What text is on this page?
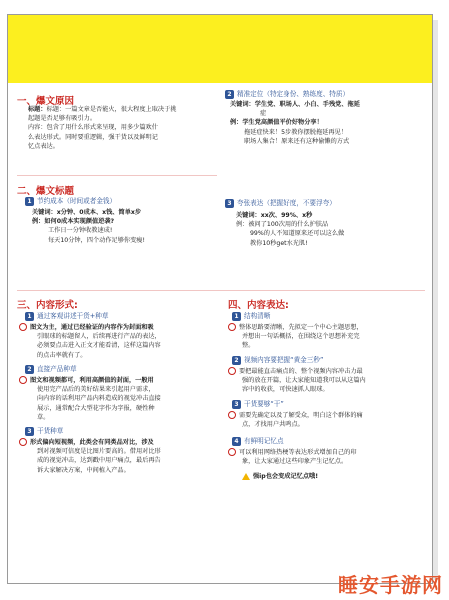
一、爆文原因
标题：标题：一篇文章是否能火，很大程度上取决于挑
起题是否足够有吸引力。
内容：包含了用什么形式来呈现，用多少篇欢什
么表达形式。同时要重逻辑，强干货以及鲜明记
忆点表达。
2 精准定位（特定身份、熟练度、特质）
关键词：学生党、职场人、小白、手残党、拖延
症
例：学生党高颜值平价好物分享！
拖延症快来！5步教你摆脱拖延再见！
职场人集合！原来还有这种偷懒的方式
二、爆文标题
1 节约成本（时间或者金钱）
关键词：x分钟、0成本、x钱、简单x步
例：如何0成本实现颜值逆袭?
工作日一分钟收教速成!
每天10分钟，四个动作足够你变瘦!
3 夸张表达（把握好度，不要浮夸）
关键词：xx次、99%、x秒
例：被问了100次用的什么护肤品
99%的人不知道原来还可以这么做
教你10秒get水光肌!
三、内容形式:
1 通过客观讲述干货+种草
图文为主，通过已经验证的内容作为封面和吸
引眼球的标题留人，后续再进行产品的表达，
必须要点击进入正文才能看清，这样这篇内容
的点击率就有了。
2 直接产品种草
图文和视频都可，利用高颜值的封面，一般用
使用完产品后的美好结果来引起用户需求，
向内容的话利用产品内料造成的视觉冲击直接
展示，通常配合大型花字作为字报，硬性种
草。
3 干货种草
形式偏向短视频，此类会有同类品对比，涉及
到对视频可信度是比图片要高的。借用对比形
成的视觉冲击，达到戳中用户痛点，最后再告
诉大家解决方案，中间植入产品。
四、内容表达:
1 结构清晰
整体思路要清晰，先拟定一个中心主题思想，
并想出一句话概括，在围绕这个思想补充完
整。
2 视频内容要把握“黄金三秒”
要把最能直击痛点的、整个视频内容冲击力最
强的放在开篇，让大家能知道我可以从这篇内
容中的收获，可快速抓人眼球。
3 干货要够“干”
需要先确定以及了解受众，明白这个群体的痛
点，才找用户共鸣点。
4 有鲜明记忆点
可以利用网络热梗等表达形式增加自己的印
象，让大家通过这些印象产生记忆点。
强ip也会变成记忆点哦!
睡安手游网
